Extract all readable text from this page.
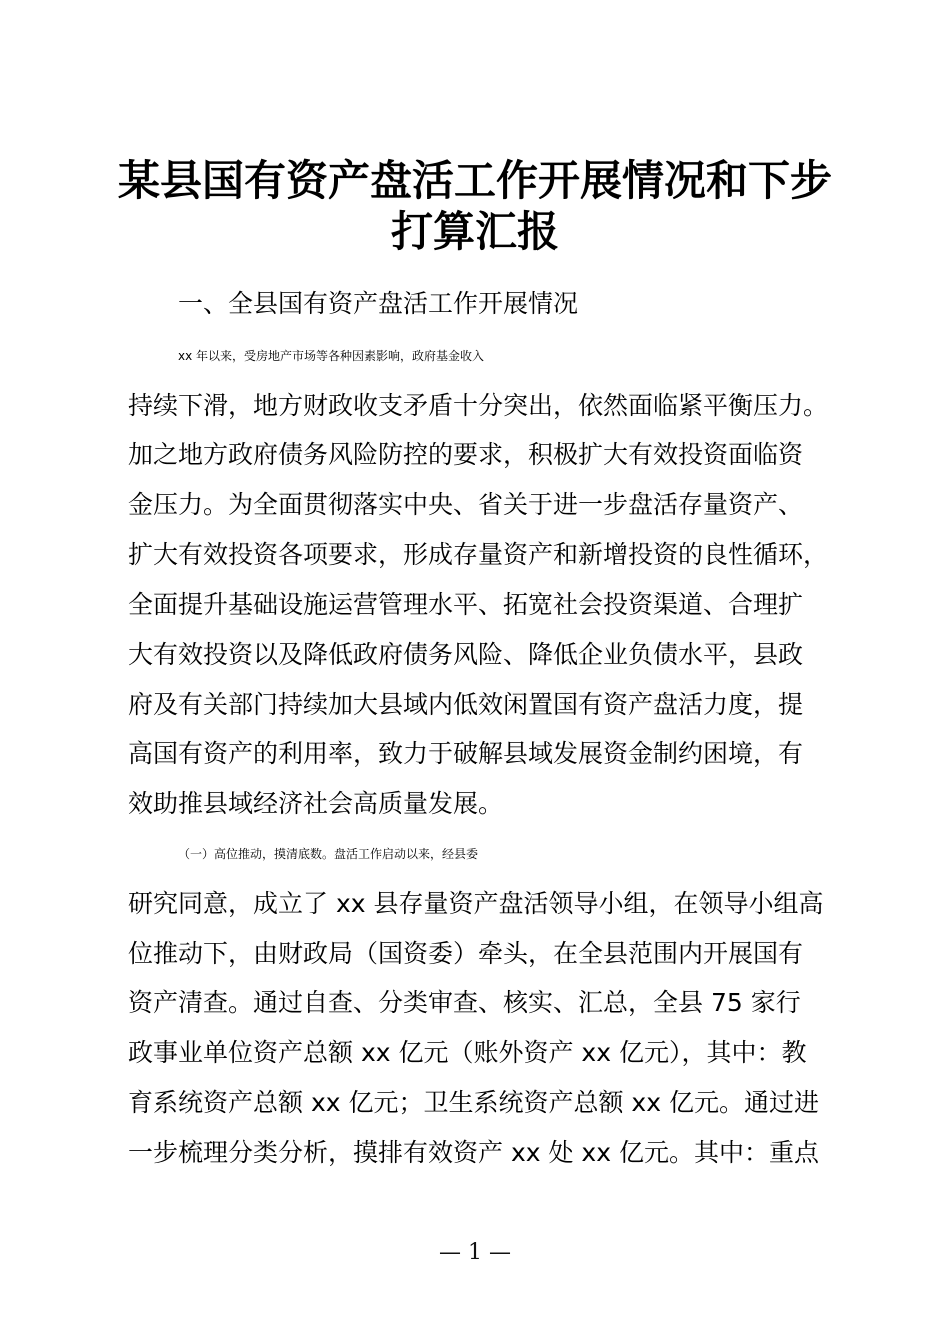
某县国有资产盘活工作开展情况和下步
打算汇报
一、全县国有资产盘活工作开展情况
xx 年以来，受房地产市场等各种因素影响，政府基金收入
持续下滑，地方财政收支矛盾十分突出，依然面临紧平衡压力。
加之地方政府债务风险防控的要求，积极扩大有效投资面临资
金压力。为全面贯彻落实中央、省关于进一步盘活存量资产、
扩大有效投资各项要求，形成存量资产和新增投资的良性循环，
全面提升基础设施运营管理水平、拓宽社会投资渠道、合理扩
大有效投资以及降低政府债务风险、降低企业负债水平，县政
府及有关部门持续加大县域内低效闲置国有资产盘活力度，提
高国有资产的利用率，致力于破解县域发展资金制约困境，有
效助推县域经济社会高质量发展。
（一）高位推动，摸清底数。盘活工作启动以来，经县委
研究同意，成立了 xx 县存量资产盘活领导小组，在领导小组高
位推动下，由财政局（国资委）牵头，在全县范围内开展国有
资产清查。通过自查、分类审查、核实、汇总，全县 75 家行
政事业单位资产总额 xx 亿元（账外资产 xx 亿元），其中：教
育系统资产总额 xx 亿元；卫生系统资产总额 xx 亿元。通过进
一步梳理分类分析，摸排有效资产 xx 处 xx 亿元。其中：重点
— 1 —
